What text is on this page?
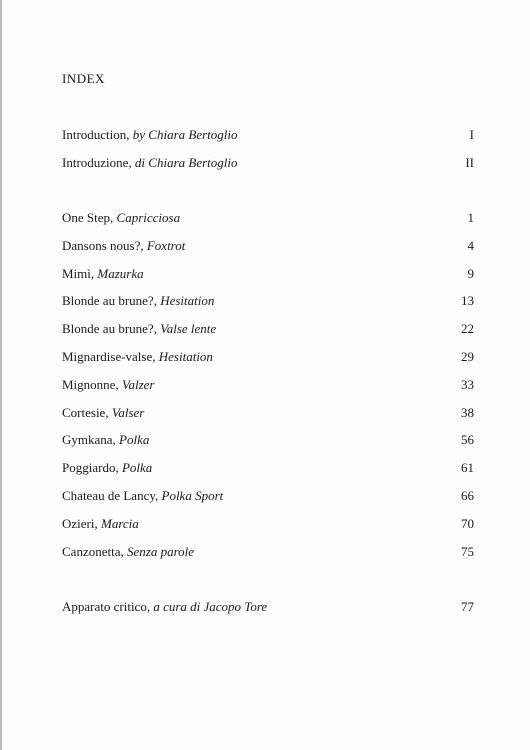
INDEX
Introduction, by Chiara Bertoglio	I
Introduzione, di Chiara Bertoglio	II
One Step, Capricciosa	1
Dansons nous?, Foxtrot	4
Mimì, Mazurka	9
Blonde au brune?, Hesitation	13
Blonde au brune?, Valse lente	22
Mignardise-valse, Hesitation	29
Mignonne, Valzer	33
Cortesie, Valser	38
Gymkana, Polka	56
Poggiardo, Polka	61
Chateau de Lancy, Polka Sport	66
Ozieri, Marcia	70
Canzonetta, Senza parole	75
Apparato critico, a cura di Jacopo Tore	77
